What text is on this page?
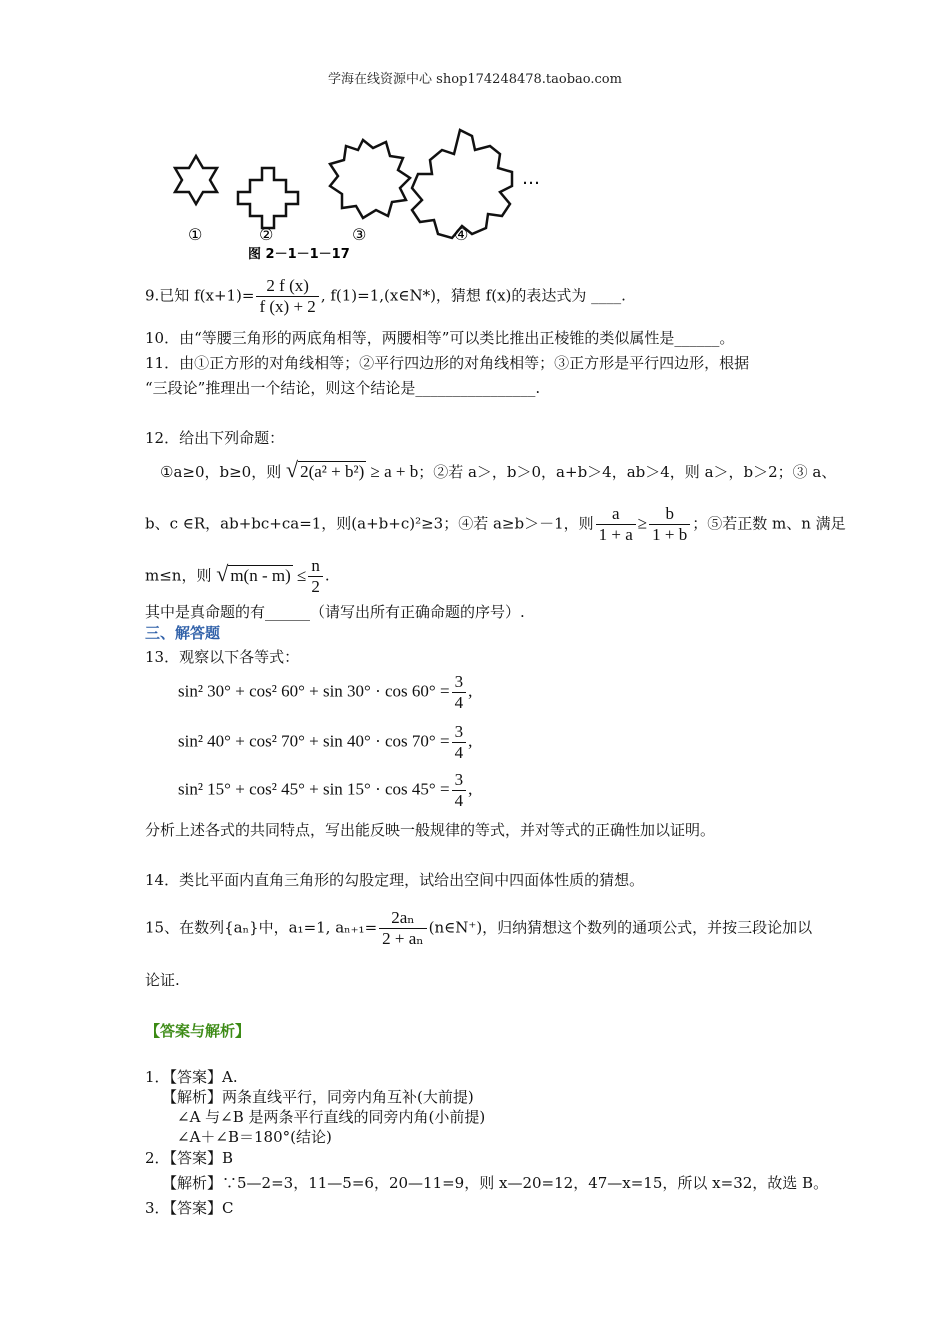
学海在线资源中心 shop174248478.taobao.com
…
①	②	③	④
图 2－1－1－17
9.已知 $f(x+1)= \frac{2 f (x)}{f (x) + 2}$ , f(1)=1,(x∈N*)，猜想 f(x)的表达式为 ____.
10．由“等腰三角形的两底角相等，两腰相等”可以类比推出正棱锥的类似属性是______。
11．由①正方形的对角线相等；②平行四边形的对角线相等；③正方形是平行四边形，根据
“三段论”推理出一个结论，则这个结论是________________.
12．给出下列命题：
①a≥0，b≥0，则 √ 2(a² + b²) ≥ a + b；②若 a＞，b＞0，a+b＞4，ab＞4，则 a＞，b＞2；③ a、
b、c ∈R，ab+bc+ca=1，则(a+b+c)²≥3；④若 a≥b＞－1，则 $\frac{a}{1 + a} \ge \frac{b}{1 + b}$ ；⑤若正数 m、n 满足
m≤n，则 √ $m(n - m) \le \frac{n}{2}$ .
其中是真命题的有______（请写出所有正确命题的序号）.
三、解答题
13．观察以下各等式：
sin² 30° + cos² $60^\circ + \sin 30^\circ \cdot \cos 60^\circ = \frac{3}{4}$ ,
sin² 40° + cos² $70^\circ + \sin 40^\circ \cdot \cos 70^\circ = \frac{3}{4}$ ,
sin² 15° + cos² $45^\circ + \sin 15^\circ \cdot \cos 45^\circ = \frac{3}{4}$ ,
分析上述各式的共同特点，写出能反映一般规律的等式，并对等式的正确性加以证明。
14．类比平面内直角三角形的勾股定理，试给出空间中四面体性质的猜想。
15、在数列{aₙ}中，a₁=1, $a_{n+1}= \frac{\text{2aₙ}}{\text{2 + aₙ}}$ (n∈N⁺)，归纳猜想这个数列的通项公式，并按三段论加以
论证.
【答案与解析】
1．【答案】A.
【解析】两条直线平行，同旁内角互补(大前提)
∠A 与∠B 是两条平行直线的同旁内角(小前提)
∠A＋∠B＝180°(结论)
2．【答案】B
【解析】∵5—2=3，11—5=6，20—11=9，则 x—20=12，47—x=15，所以 x=32，故选 B。
3．【答案】C
